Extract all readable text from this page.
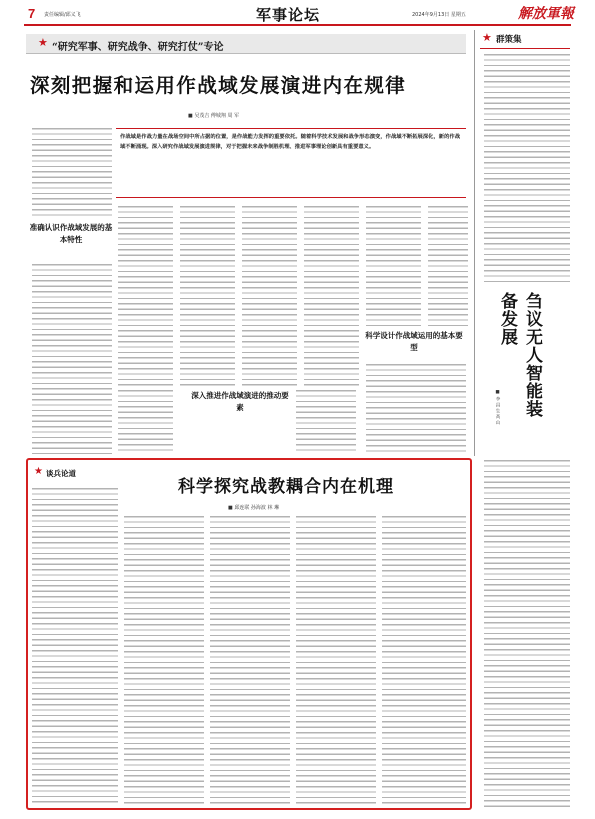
7 责任编辑/邱义飞	军事论坛	2024年9月13日 星期五	解放軍報
★ “研究军事、研究战争、研究打仗”专论
深刻把握和运用作战域发展演进内在规律
■ 吴茂吉 傅城翔 周 军

作战域是作战力量在战场空间中所占据的位置，是作战能力发挥的重要依托。随着科学技术发展和战争形态演变，作战域不断拓展深化，新的作战域不断涌现。深入研究作战域发展演进规律，对于把握未来战争制胜机理、推进军事理论创新具有重要意义。

准确认识作战域发展的基本特性

深入推进作战域演进的推动要素

科学设计作战域运用的基本要型

★ 群策集
刍议无人智能装备发展
■ 李 昌 生 高 山
★ 谈兵论道
科学探究战教耦合内在机理
■ 邱连联 孙海波 林 琳
